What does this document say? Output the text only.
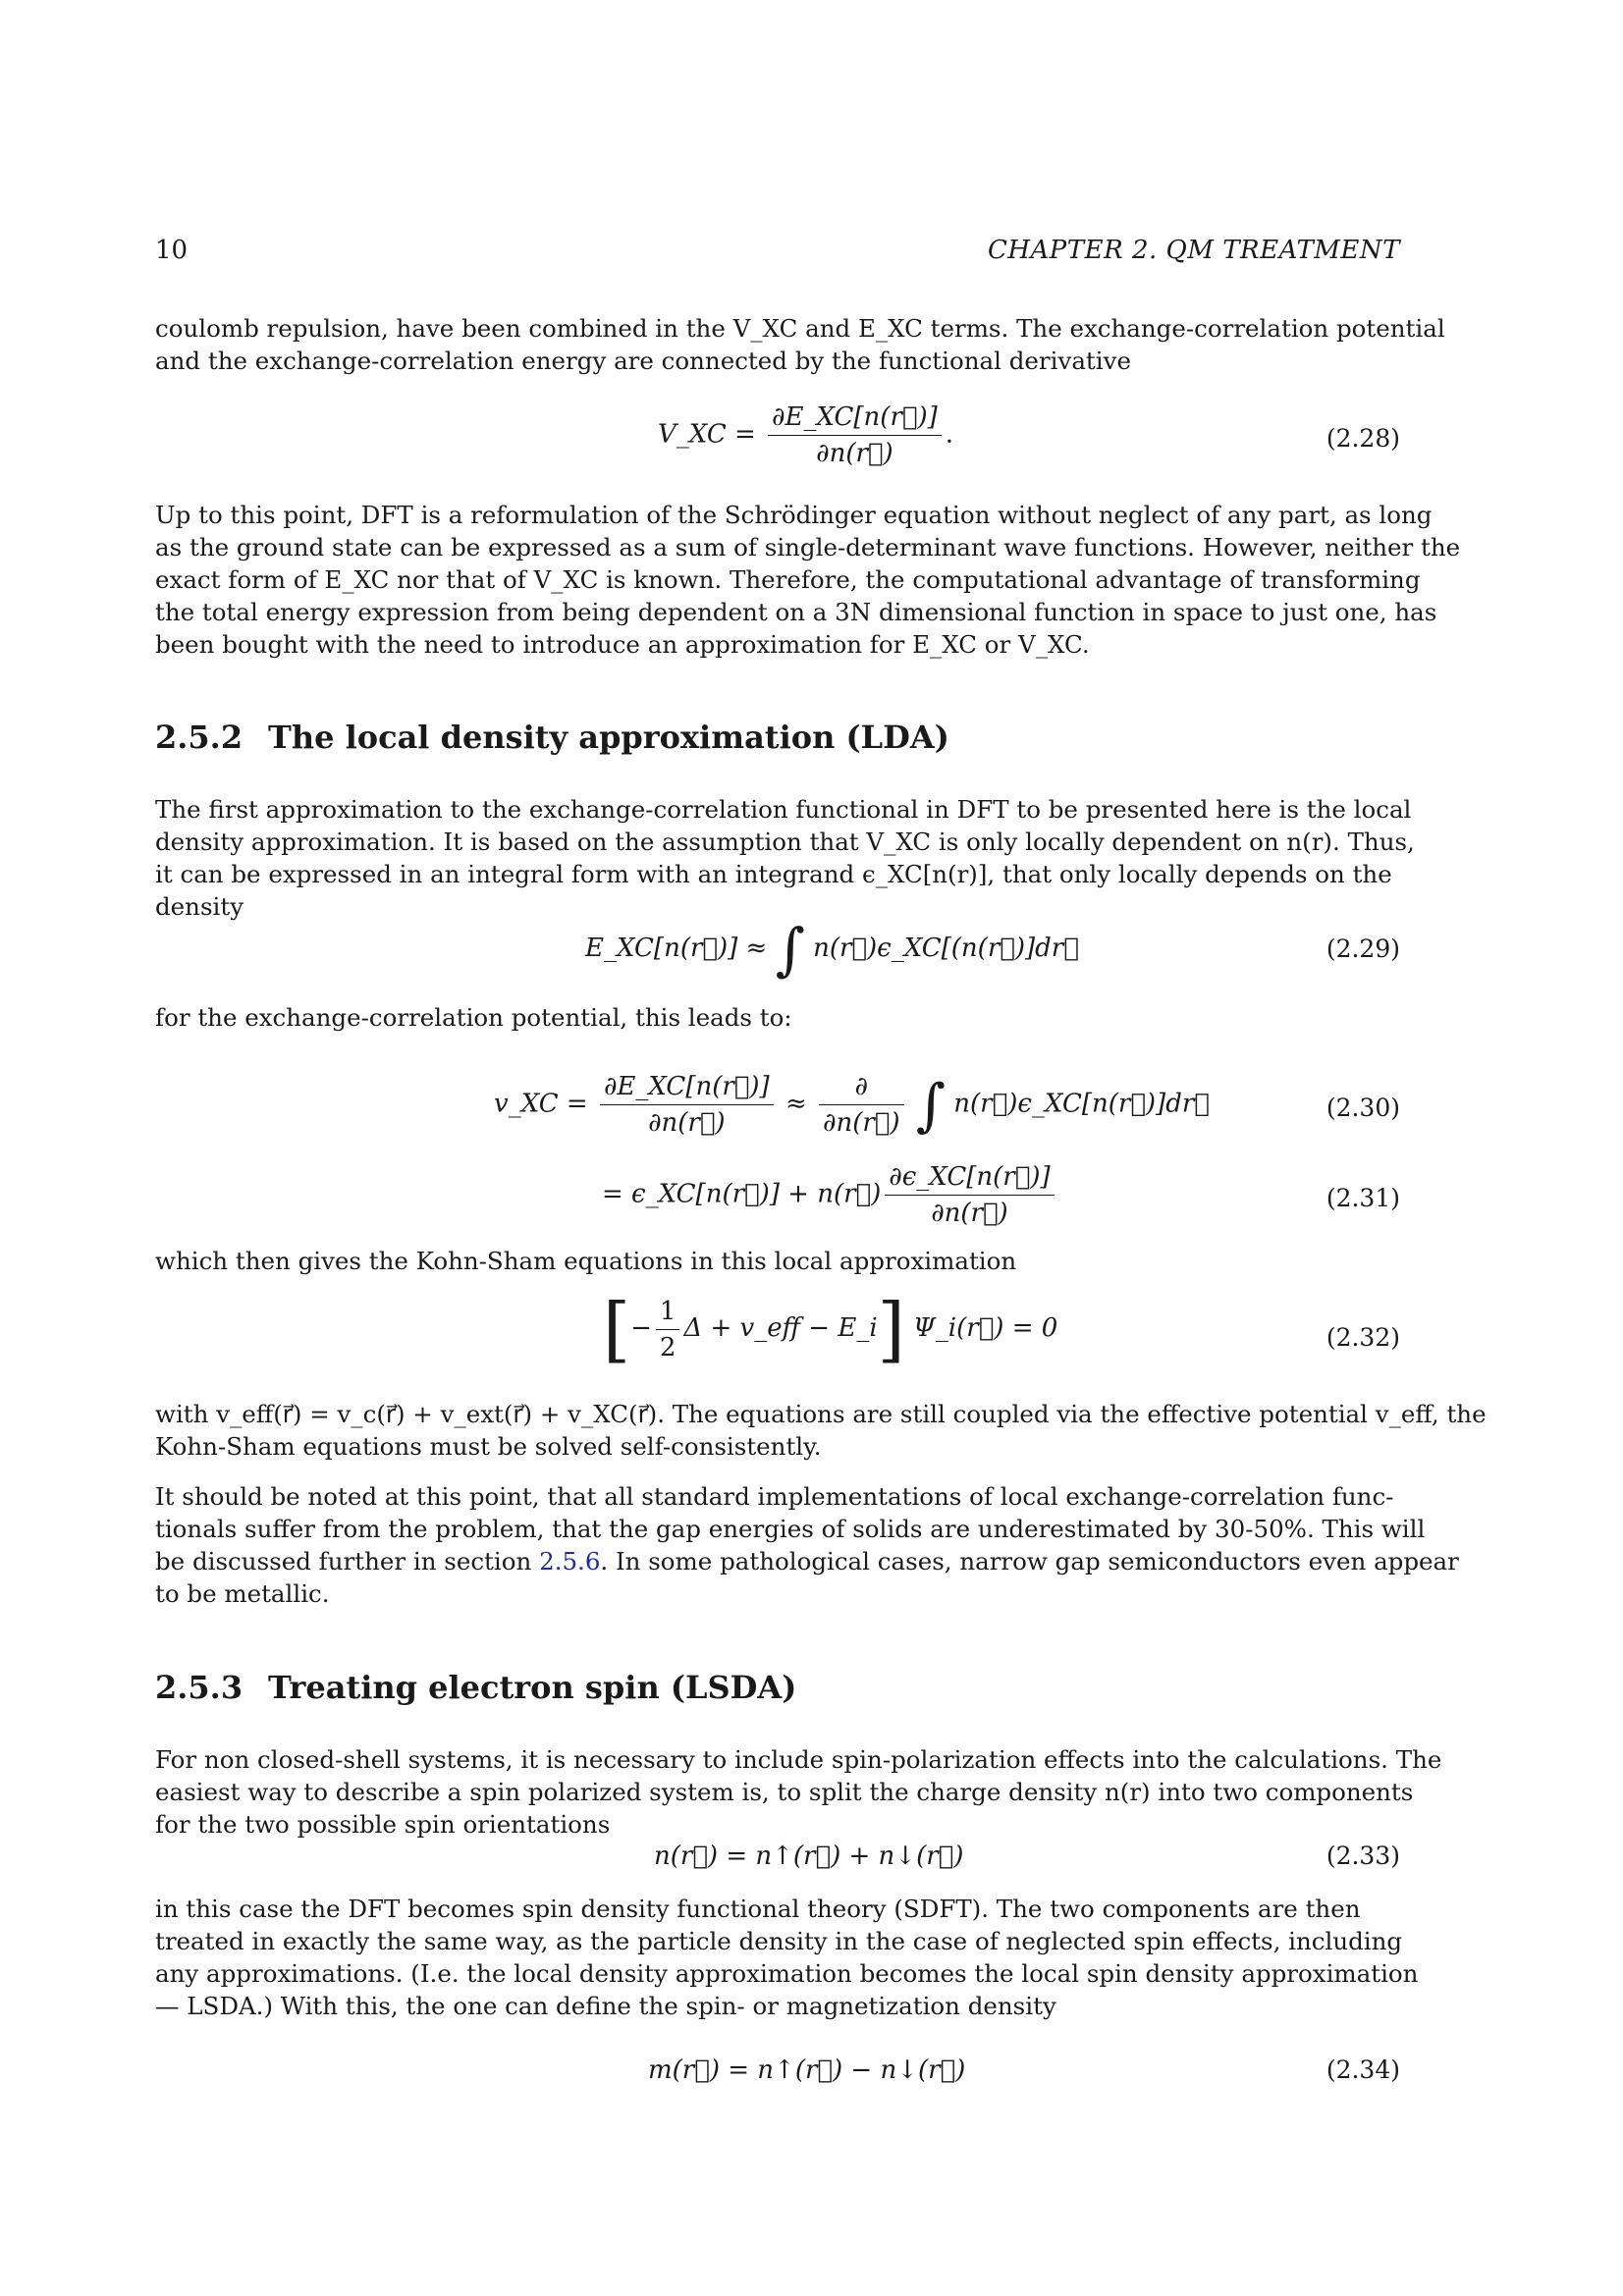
10	CHAPTER 2. QM TREATMENT
coulomb repulsion, have been combined in the V_XC and E_XC terms. The exchange-correlation potential
and the exchange-correlation energy are connected by the functional derivative
V_XC = $\frac{\partial E\_XC[n(r⃗)]}{\partial n(r⃗)}$ .	(2.28)
Up to this point, DFT is a reformulation of the Schrödinger equation without neglect of any part, as long
as the ground state can be expressed as a sum of single-determinant wave functions. However, neither the
exact form of E_XC nor that of V_XC is known. Therefore, the computational advantage of transforming
the total energy expression from being dependent on a 3N dimensional function in space to just one, has
been bought with the need to introduce an approximation for E_XC or V_XC.
2.5.2 The local density approximation (LDA)
The first approximation to the exchange-correlation functional in DFT to be presented here is the local
density approximation. It is based on the assumption that V_XC is only locally dependent on n(r). Thus,
it can be expressed in an integral form with an integrand ϵ_XC[n(r)], that only locally depends on the
density
E_XC[n(r⃗)] ≈ ∫ n(r⃗)ϵ_XC[(n(r⃗)]dr⃗	(2.29)
for the exchange-correlation potential, this leads to:
v_XC = $\frac{\partial E\_XC[n(r⃗)]}{\partial n(r⃗)} \approx \frac{\partial}{\partial n(r⃗)}$ ∫ n(r⃗)ϵ_XC[n(r⃗)]dr⃗	(2.30)
= ϵ_XC[n(r⃗)] + n(r⃗) $\frac{\partial\epsilon\_XC[n(r⃗)]}{\partial n(r⃗)}$	(2.31)
which then gives the Kohn-Sham equations in this local approximation
[− $\frac{1}{2}$ Δ + v_eff − E_i] Ψ_i(r⃗) = 0	(2.32)
with v_eff(r⃗) = v_c(r⃗) + v_ext(r⃗) + v_XC(r⃗). The equations are still coupled via the effective potential v_eff, the
Kohn-Sham equations must be solved self-consistently.
It should be noted at this point, that all standard implementations of local exchange-correlation func-
tionals suffer from the problem, that the gap energies of solids are underestimated by 30-50%. This will
be discussed further in section 2.5.6. In some pathological cases, narrow gap semiconductors even appear
to be metallic.
2.5.3 Treating electron spin (LSDA)
For non closed-shell systems, it is necessary to include spin-polarization effects into the calculations. The
easiest way to describe a spin polarized system is, to split the charge density n(r) into two components
for the two possible spin orientations
n(r⃗) = n↑(r⃗) + n↓(r⃗)	(2.33)
in this case the DFT becomes spin density functional theory (SDFT). The two components are then
treated in exactly the same way, as the particle density in the case of neglected spin effects, including
any approximations. (I.e. the local density approximation becomes the local spin density approximation
— LSDA.) With this, the one can define the spin- or magnetization density
m(r⃗) = n↑(r⃗) − n↓(r⃗)	(2.34)
